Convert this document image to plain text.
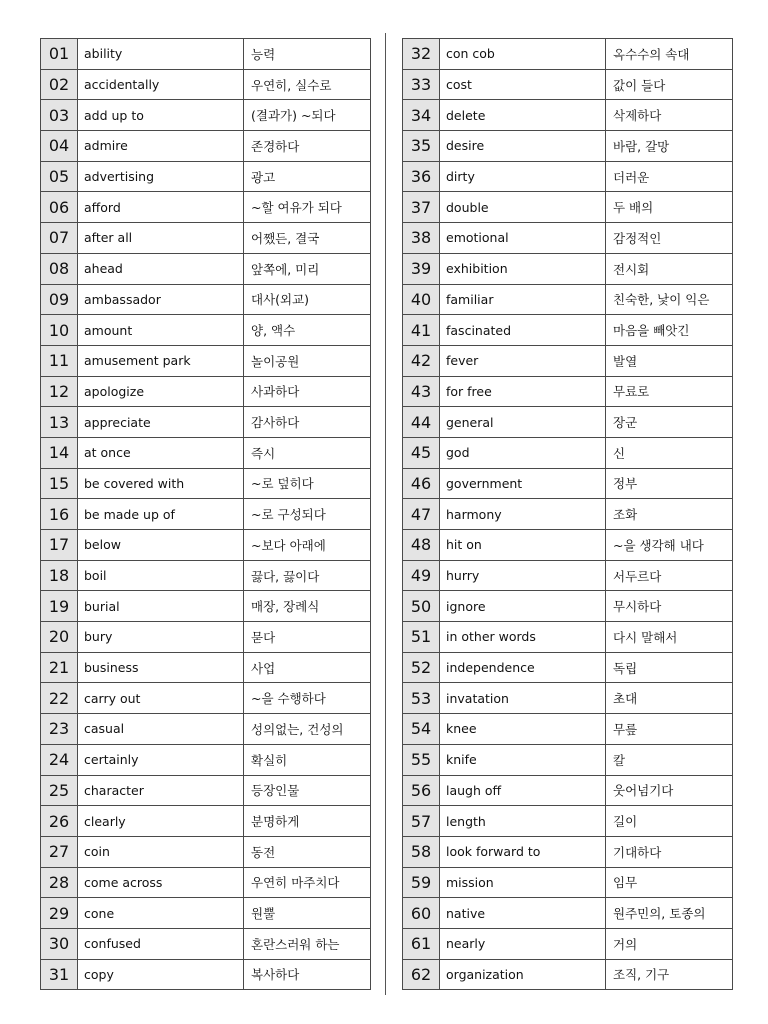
01	ability	능력
02	accidentally	우연히, 실수로
03	add up to	(결과가) ~되다
04	admire	존경하다
05	advertising	광고
06	afford	~할 여유가 되다
07	after all	어쨌든, 결국
08	ahead	앞쪽에, 미리
09	ambassador	대사(외교)
10	amount	양, 액수
11	amusement park	놀이공원
12	apologize	사과하다
13	appreciate	감사하다
14	at once	즉시
15	be covered with	~로 덮히다
16	be made up of	~로 구성되다
17	below	~보다 아래에
18	boil	끓다, 끓이다
19	burial	매장, 장례식
20	bury	묻다
21	business	사업
22	carry out	~을 수행하다
23	casual	성의없는, 건성의
24	certainly	확실히
25	character	등장인물
26	clearly	분명하게
27	coin	동전
28	come across	우연히 마주치다
29	cone	원뿔
30	confused	혼란스러워 하는
31	copy	복사하다
32	con cob	옥수수의 속대
33	cost	값이 들다
34	delete	삭제하다
35	desire	바람, 갈망
36	dirty	더러운
37	double	두 배의
38	emotional	감정적인
39	exhibition	전시회
40	familiar	친숙한, 낯이 익은
41	fascinated	마음을 빼앗긴
42	fever	발열
43	for free	무료로
44	general	장군
45	god	신
46	government	정부
47	harmony	조화
48	hit on	~을 생각해 내다
49	hurry	서두르다
50	ignore	무시하다
51	in other words	다시 말해서
52	independence	독립
53	invatation	초대
54	knee	무릎
55	knife	칼
56	laugh off	웃어넘기다
57	length	길이
58	look forward to	기대하다
59	mission	임무
60	native	원주민의, 토종의
61	nearly	거의
62	organization	조직, 기구
